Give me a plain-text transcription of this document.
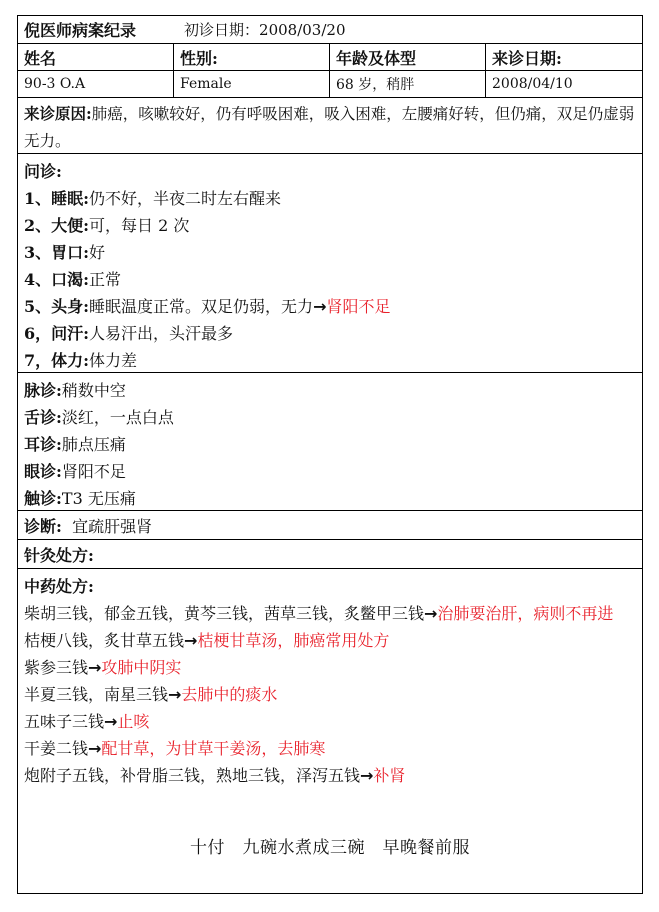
倪医师病案纪录	初诊日期： 2008/03/20
姓名	性别:	年龄及体型	来诊日期:
90-3 O.A	Female	68 岁，稍胖	2008/04/10
来诊原因:肺癌，咳嗽较好，仍有呼吸困难，吸入困难，左腰痛好转，但仍痛，双足仍虚弱无力。
问诊:
1、睡眠:仍不好，半夜二时左右醒来
2、大便:可，每日 2 次
3、胃口:好
4、口渴:正常
5、头身:睡眠温度正常。双足仍弱，无力→肾阳不足
6，问汗:人易汗出，头汗最多
7，体力:体力差
脉诊:稍数中空
舌诊:淡红，一点白点
耳诊:肺点压痛
眼诊:肾阳不足
触诊:T3 无压痛
诊断:
宜疏肝强肾
针灸处方:
中药处方:
柴胡三钱，郁金五钱，黄芩三钱，茜草三钱，炙鳖甲三钱→治肺要治肝，病则不再进
桔梗八钱，炙甘草五钱→桔梗甘草汤，肺癌常用处方
紫参三钱→攻肺中阴实
半夏三钱，南星三钱→去肺中的痰水
五味子三钱→止咳
干姜二钱→配甘草，为甘草干姜汤，去肺寒
炮附子五钱，补骨脂三钱，熟地三钱，泽泻五钱→补肾
十付　九碗水煮成三碗　早晚餐前服
